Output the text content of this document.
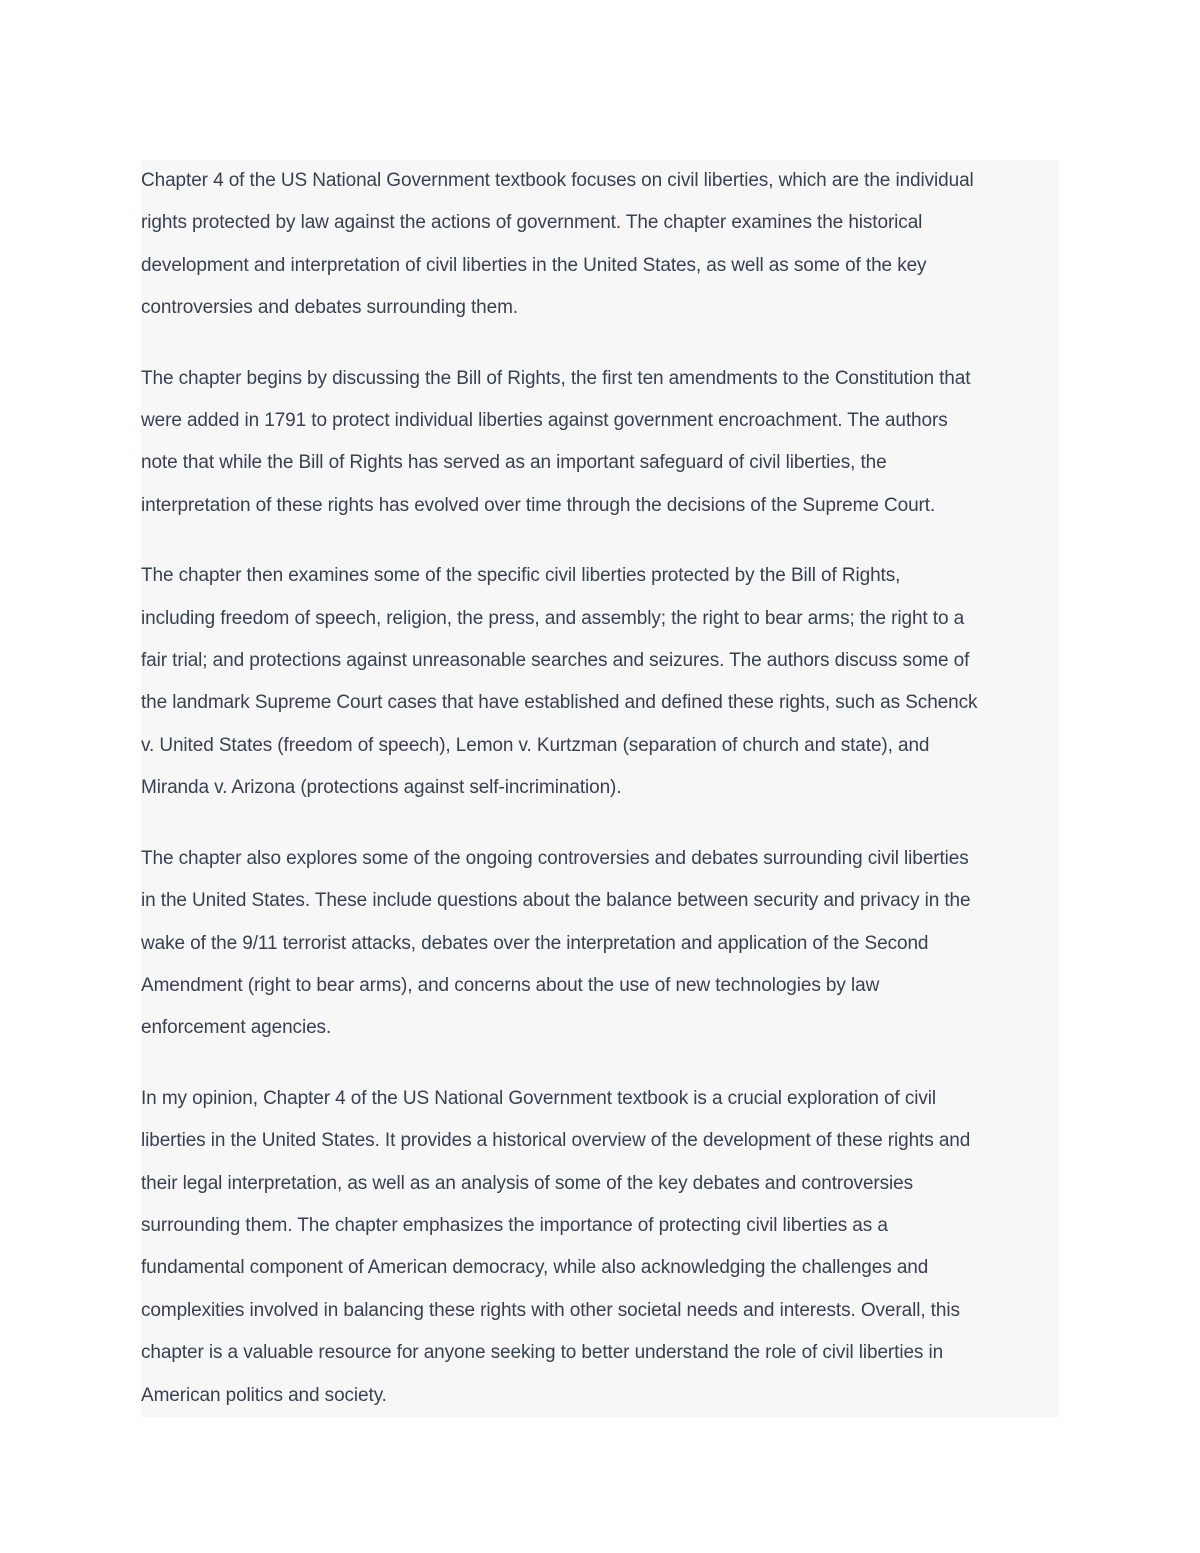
Chapter 4 of the US National Government textbook focuses on civil liberties, which are the individual
rights protected by law against the actions of government. The chapter examines the historical
development and interpretation of civil liberties in the United States, as well as some of the key
controversies and debates surrounding them.

The chapter begins by discussing the Bill of Rights, the first ten amendments to the Constitution that
were added in 1791 to protect individual liberties against government encroachment. The authors
note that while the Bill of Rights has served as an important safeguard of civil liberties, the
interpretation of these rights has evolved over time through the decisions of the Supreme Court.

The chapter then examines some of the specific civil liberties protected by the Bill of Rights,
including freedom of speech, religion, the press, and assembly; the right to bear arms; the right to a
fair trial; and protections against unreasonable searches and seizures. The authors discuss some of
the landmark Supreme Court cases that have established and defined these rights, such as Schenck
v. United States (freedom of speech), Lemon v. Kurtzman (separation of church and state), and
Miranda v. Arizona (protections against self-incrimination).

The chapter also explores some of the ongoing controversies and debates surrounding civil liberties
in the United States. These include questions about the balance between security and privacy in the
wake of the 9/11 terrorist attacks, debates over the interpretation and application of the Second
Amendment (right to bear arms), and concerns about the use of new technologies by law
enforcement agencies.

In my opinion, Chapter 4 of the US National Government textbook is a crucial exploration of civil
liberties in the United States. It provides a historical overview of the development of these rights and
their legal interpretation, as well as an analysis of some of the key debates and controversies
surrounding them. The chapter emphasizes the importance of protecting civil liberties as a
fundamental component of American democracy, while also acknowledging the challenges and
complexities involved in balancing these rights with other societal needs and interests. Overall, this
chapter is a valuable resource for anyone seeking to better understand the role of civil liberties in
American politics and society.
